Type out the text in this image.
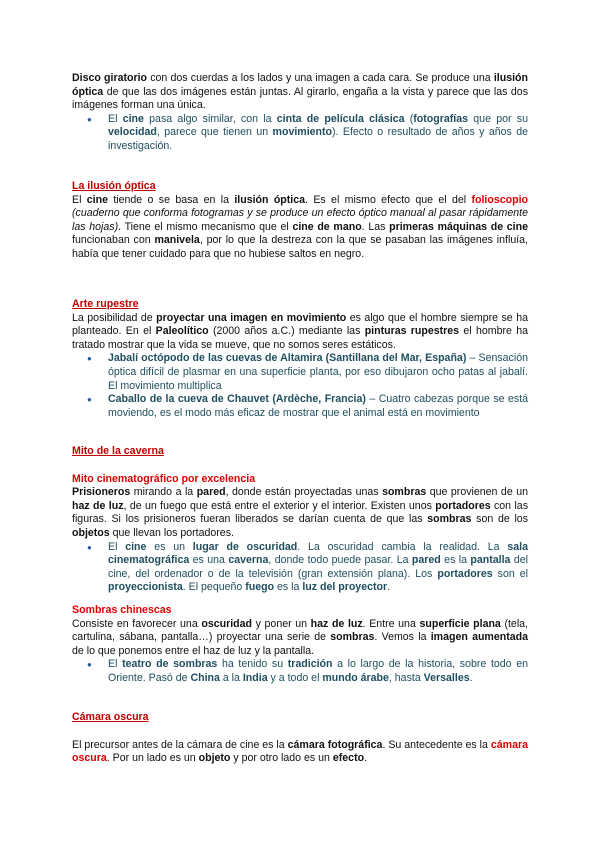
Disco giratorio con dos cuerdas a los lados y una imagen a cada cara. Se produce una ilusión óptica de que las dos imágenes están juntas. Al girarlo, engaña a la vista y parece que las dos imágenes forman una única.

● El cine pasa algo similar, con la cinta de película clásica (fotografías que por su velocidad, parece que tienen un movimiento). Efecto o resultado de años y años de investigación.

La ilusión óptica

El cine tiende o se basa en la ilusión óptica. Es el mismo efecto que el del folioscopio (cuaderno que conforma fotogramas y se produce un efecto óptico manual al pasar rápidamente las hojas). Tiene el mismo mecanismo que el cine de mano. Las primeras máquinas de cine funcionaban con manivela, por lo que la destreza con la que se pasaban las imágenes influía, había que tener cuidado para que no hubiese saltos en negro.

Arte rupestre

La posibilidad de proyectar una imagen en movimiento es algo que el hombre siempre se ha planteado. En el Paleolítico (2000 años a.C.) mediante las pinturas rupestres el hombre ha tratado mostrar que la vida se mueve, que no somos seres estáticos.

● Jabalí octópodo de las cuevas de Altamira (Santillana del Mar, España) – Sensación óptica difícil de plasmar en una superficie planta, por eso dibujaron ocho patas al jabalí. El movimiento multiplica
● Caballo de la cueva de Chauvet (Ardèche, Francia) – Cuatro cabezas porque se está moviendo, es el modo más eficaz de mostrar que el animal está en movimiento

Mito de la caverna

Mito cinematográfico por excelencia

Prisioneros mirando a la pared, donde están proyectadas unas sombras que provienen de un haz de luz, de un fuego que está entre el exterior y el interior. Existen unos portadores con las figuras. Si los prisioneros fueran liberados se darían cuenta de que las sombras son de los objetos que llevan los portadores.

● El cine es un lugar de oscuridad. La oscuridad cambia la realidad. La sala cinematográfica es una caverna, donde todo puede pasar. La pared es la pantalla del cine, del ordenador o de la televisión (gran extensión plana). Los portadores son el proyeccionista. El pequeño fuego es la luz del proyector.

Sombras chinescas

Consiste en favorecer una oscuridad y poner un haz de luz. Entre una superficie plana (tela, cartulina, sábana, pantalla…) proyectar una serie de sombras. Vemos la imagen aumentada de lo que ponemos entre el haz de luz y la pantalla.

● El teatro de sombras ha tenido su tradición a lo largo de la historia, sobre todo en Oriente. Pasó de China a la India y a todo el mundo árabe, hasta Versalles.

Cámara oscura

El precursor antes de la cámara de cine es la cámara fotográfica. Su antecedente es la cámara oscura. Por un lado es un objeto y por otro lado es un efecto.
